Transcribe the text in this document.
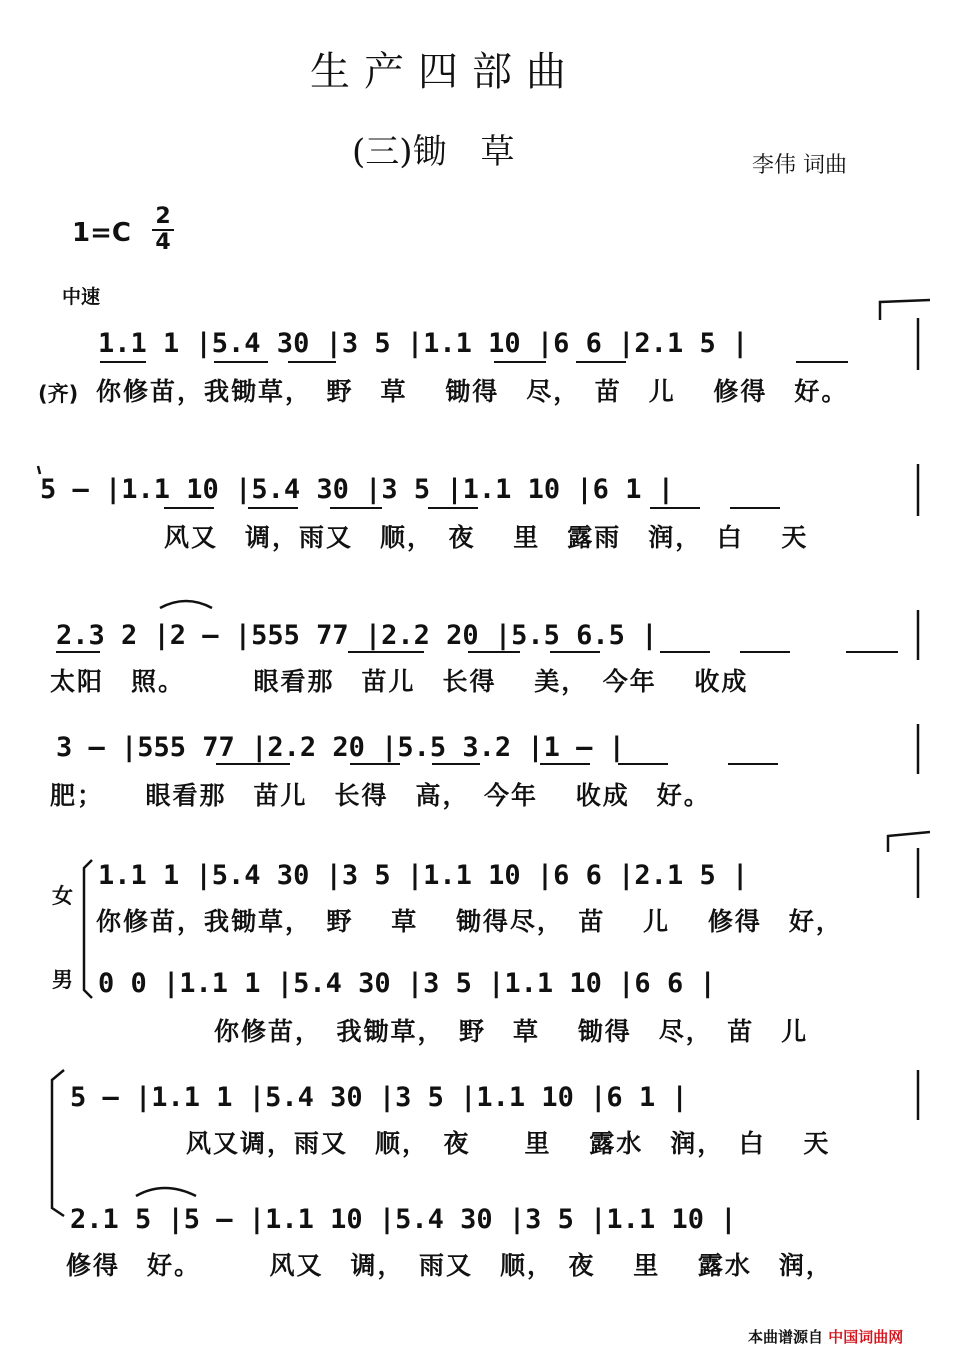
生产四部曲
(三)锄　草	李伟 词曲
1=C
2
4
中速
(齐)
1.1 1 |5.4 30 |3 5 |1.1 10 |6 6 |2.1 5 |
你修苗，我锄草，　野　草　 锄得　尽，　苗　儿　 修得　好。
5 — |1.1 10 |5.4 30 |3 5 |1.1 10 |6 1 |
风又　调，雨又　顺，　夜　 里　露雨　润，　白　 天
2.3 2 |2 — |555 77 |2.2 20 |5.5 6.5 |
太阳　照。　　　眼看那　苗儿　长得　 美，　今年　 收成
3 — |555 77 |2.2 20 |5.5 3.2 |1 — |
肥；　　眼看那　苗儿　长得　高，　今年　 收成　好。
女
男
1.1 1 |5.4 30 |3 5 |1.1 10 |6 6 |2.1 5 |
你修苗，我锄草，　野　 草　 锄得尽，　苗　 儿　 修得　好，
0 0 |1.1 1 |5.4 30 |3 5 |1.1 10 |6 6 |
你修苗，　我锄草，　野　草　 锄得　尽，　苗　儿
5 — |1.1 1 |5.4 30 |3 5 |1.1 10 |6 1 |
风又调，雨又　顺，　夜　　里　 露水　润，　白　 天
2.1 5 |5 — |1.1 10 |5.4 30 |3 5 |1.1 10 |
修得　好。　　　风又　调，　雨又　顺，　夜　 里　 露水　润，
本曲谱源自 中国词曲网
